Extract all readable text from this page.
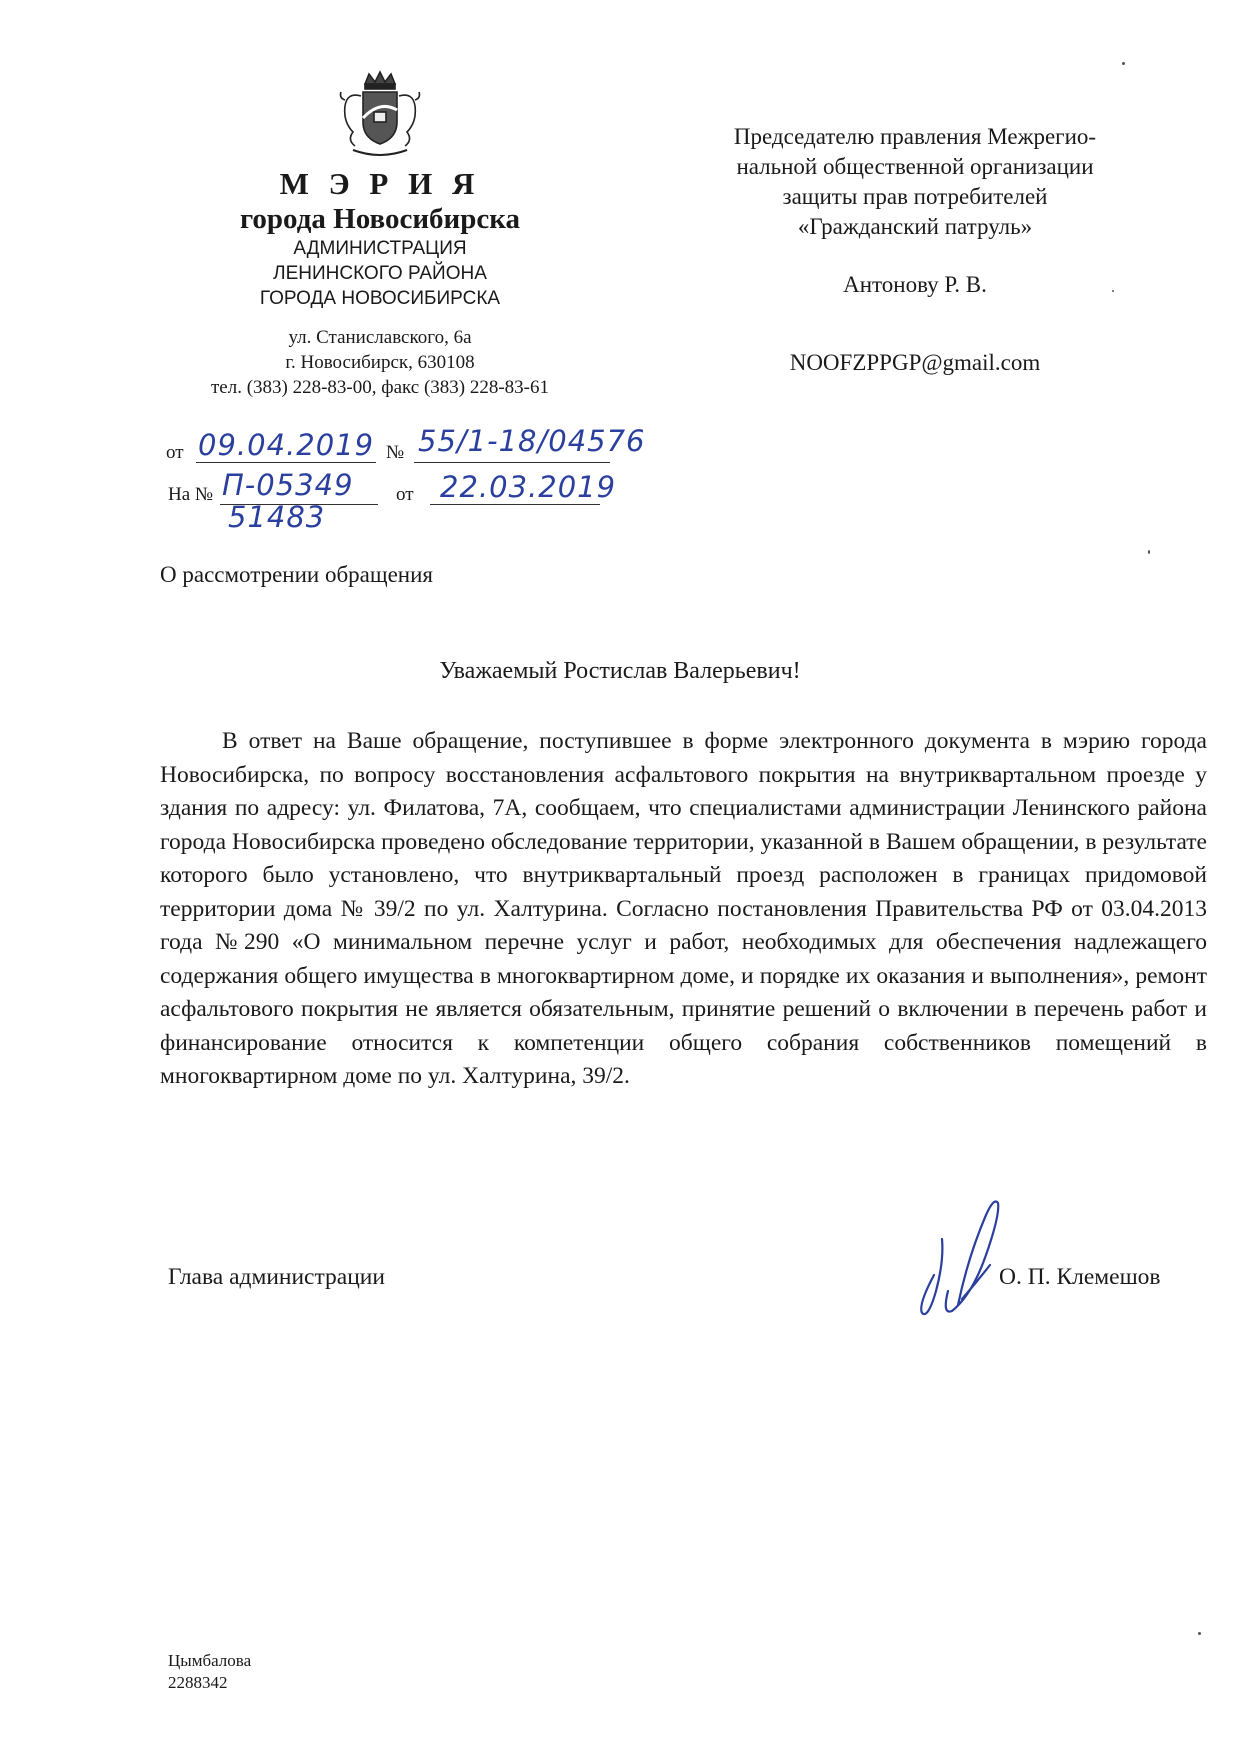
М Э Р И Я
города Новосибирска
АДМИНИСТРАЦИЯ
ЛЕНИНСКОГО РАЙОНА
ГОРОДА НОВОСИБИРСКА
ул. Станиславского, 6а
г. Новосибирск, 630108
тел. (383) 228-83-00, факс (383) 228-83-61
от 09.04.2019 № 55/1-18/04576
На № П-05349
51483
от 22.03.2019
Председателю правления Межрегио-
нальной общественной организации
защиты прав потребителей
«Гражданский патруль»
Антонову Р. В.
NOOFZPPGP@gmail.com
О рассмотрении обращения
Уважаемый Ростислав Валерьевич!
В ответ на Ваше обращение, поступившее в форме электронного документа в мэрию города Новосибирска, по вопросу восстановления асфальтового покрытия на внутриквартальном проезде у здания по адресу: ул. Филатова, 7А, сообщаем, что специалистами администрации Ленинского района города Новосибирска проведено обследование территории, указанной в Вашем обращении, в результате которого было установлено, что внутриквартальный проезд расположен в границах придомовой территории дома № 39/2 по ул. Халтурина. Согласно постановления Правительства РФ от 03.04.2013 года №290 «О минимальном перечне услуг и работ, необходимых для обеспечения надлежащего содержания общего имущества в многоквартирном доме, и порядке их оказания и выполнения», ремонт асфальтового покрытия не является обязательным, принятие решений о включении в перечень работ и финансирование относится к компетенции общего собрания собственников помещений в многоквартирном доме по ул. Халтурина, 39/2.
Глава администрации	О. П. Клемешов
Цымбалова
2288342
